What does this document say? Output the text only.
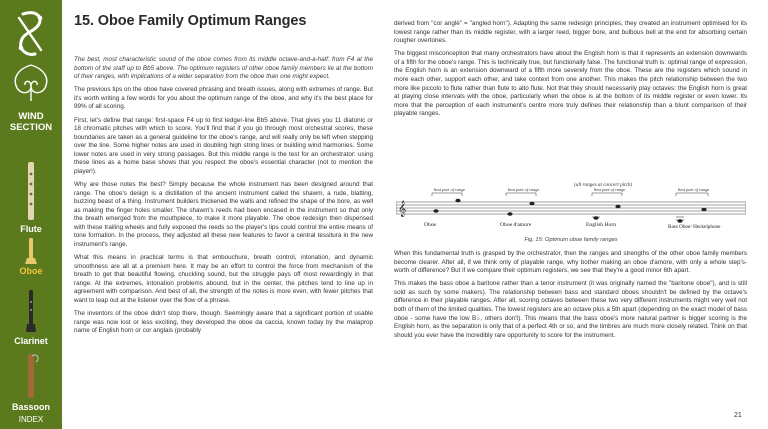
WIND SECTION
Flute
Oboe
Clarinet
Bassoon
INDEX
15. Oboe Family Optimum Ranges

The best, most characteristic sound of the oboe comes from its middle octave-and-a-half: from F4 at the bottom of the staff up to Bb5 above. The optimum registers of other oboe family members lie at the bottom of their ranges, with implications of a wider separation from the oboe than one might expect.

The previous tips on the oboe have covered phrasing and breath issues, along with extremes of range. But it's worth writing a few words for you about the optimum range of the oboe, and why it's the best place for 99% of all scoring.

First, let's define that range: first-space F4 up to first ledger-line Bb5 above. That gives you 11 diatonic or 18 chromatic pitches with which to score. You'll find that if you go through most orchestral scores, these boundaries are taken as a general guideline for the oboe's range, and will really only be left when stepping over the line. Some higher notes are used in doubling high string lines or building wind harmonies. Some lower notes are used in very strong passages. But this middle range is the test for an orchestrator: using these lines as a home base shows that you respect the oboe's essential character (not to mention the player!).

Why are those notes the best? Simply because the whole instrument has been designed around that range. The oboe's design is a distillation of the ancient instrument called the shawm, a rude, blatting, buzzing beast of a thing. Instrument builders thickened the walls and refined the shape of the bore, as well as making the finger holes smaller. The shawm's reeds had been encased in the instrument so that only the breath emerged from the mouthpiece, to make it more playable. The oboe redesign then dispensed with these trailing wheels and fully exposed the reeds so the player's lips could control the entire means of tone formation. In the process, they adjusted all these new features to favor a central tessitura in the new instrument's range.

What this means in practical terms is that embouchure, breath control, intonation, and dynamic smoothness are all at a premium here. It may be an effort to control the force from mechanism of the breath to get that beautiful flowing, chuckling sound, but the struggle pays off most rewardingly in that range. At the extremes, intonation problems abound, but in the center, the pitches tend to line up in agreement with comparison. And best of all, the strength of the notes is more even, with fewer pitches that want to leap out at the listener over the flow of a phrase.

The inventors of the oboe didn't stop there, though. Seemingly aware that a significant portion of usable range was now lost or less exciting, they developed the oboe da caccia, known today by the malaprop name of English horn or cor anglais (probably

derived from "cor anglé" = "angled horn"). Adapting the same redesign principles, they created an instrument optimised for its lowest range rather than its middle register, with a larger reed, bigger bore, and bulbous bell at the end for absorbing certain rougher overtones.

The biggest misconception that many orchestrators have about the English horn is that it represents an extension downwards of a fifth for the oboe's range. This is technically true, but functionally false. The functional truth is: optimal range of expression, the English horn is an extension downward of a fifth more severely from the oboe. These are the registers which sound in more each other, support each other, and take context from one another. This makes the pitch relationship between the two more like piccolo to flute rather than flute to alto flute. Not that they should necessarily play octaves: the English horn is great at playing close intervals with the oboe, particularly when the oboe is at the bottom of its middle register or even lower. Its more that the perception of each instrument's centre more truly defines their relationship than a blunt comparison of their playable ranges.

(all ranges at concert pitch)
𝄞
best part of range	best part of range	best part of range	best part of range
Oboe	Oboe d'amore	English Horn	Bass Oboe/ Heckelphone
Fig. 15: Optimum oboe family ranges

When this fundamental truth is grasped by the orchestrator, then the ranges and strengths of the other oboe family members become clearer. After all, if we think only of playable range, why bother making an oboe d'amore, with only a whole step's-worth of difference? But if we compare their optimum registers, we see that they're a good minor 6th apart.

This makes the bass oboe a baritone rather than a tenor instrument (it was originally named the "baritone oboe"), and is still sold as such by some makers). The relationship between bass and standard oboes shouldn't be defined by the octave's difference in their playable ranges. After all, scoring octaves between these two very different instruments might very well not both of them of the limited qualities. The lowest registers are an octave plus a 5th apart (depending on the exact model of bass oboe - some have the low B♭, others don't). This means that the bass oboe's more natural partner is bigger scoring is the English horn, as the separation is only that of a perfect 4th or so, and the timbres are much more closely related. Think on that should you ever have the incredibly rare opportunity to score for the instrument.

21
